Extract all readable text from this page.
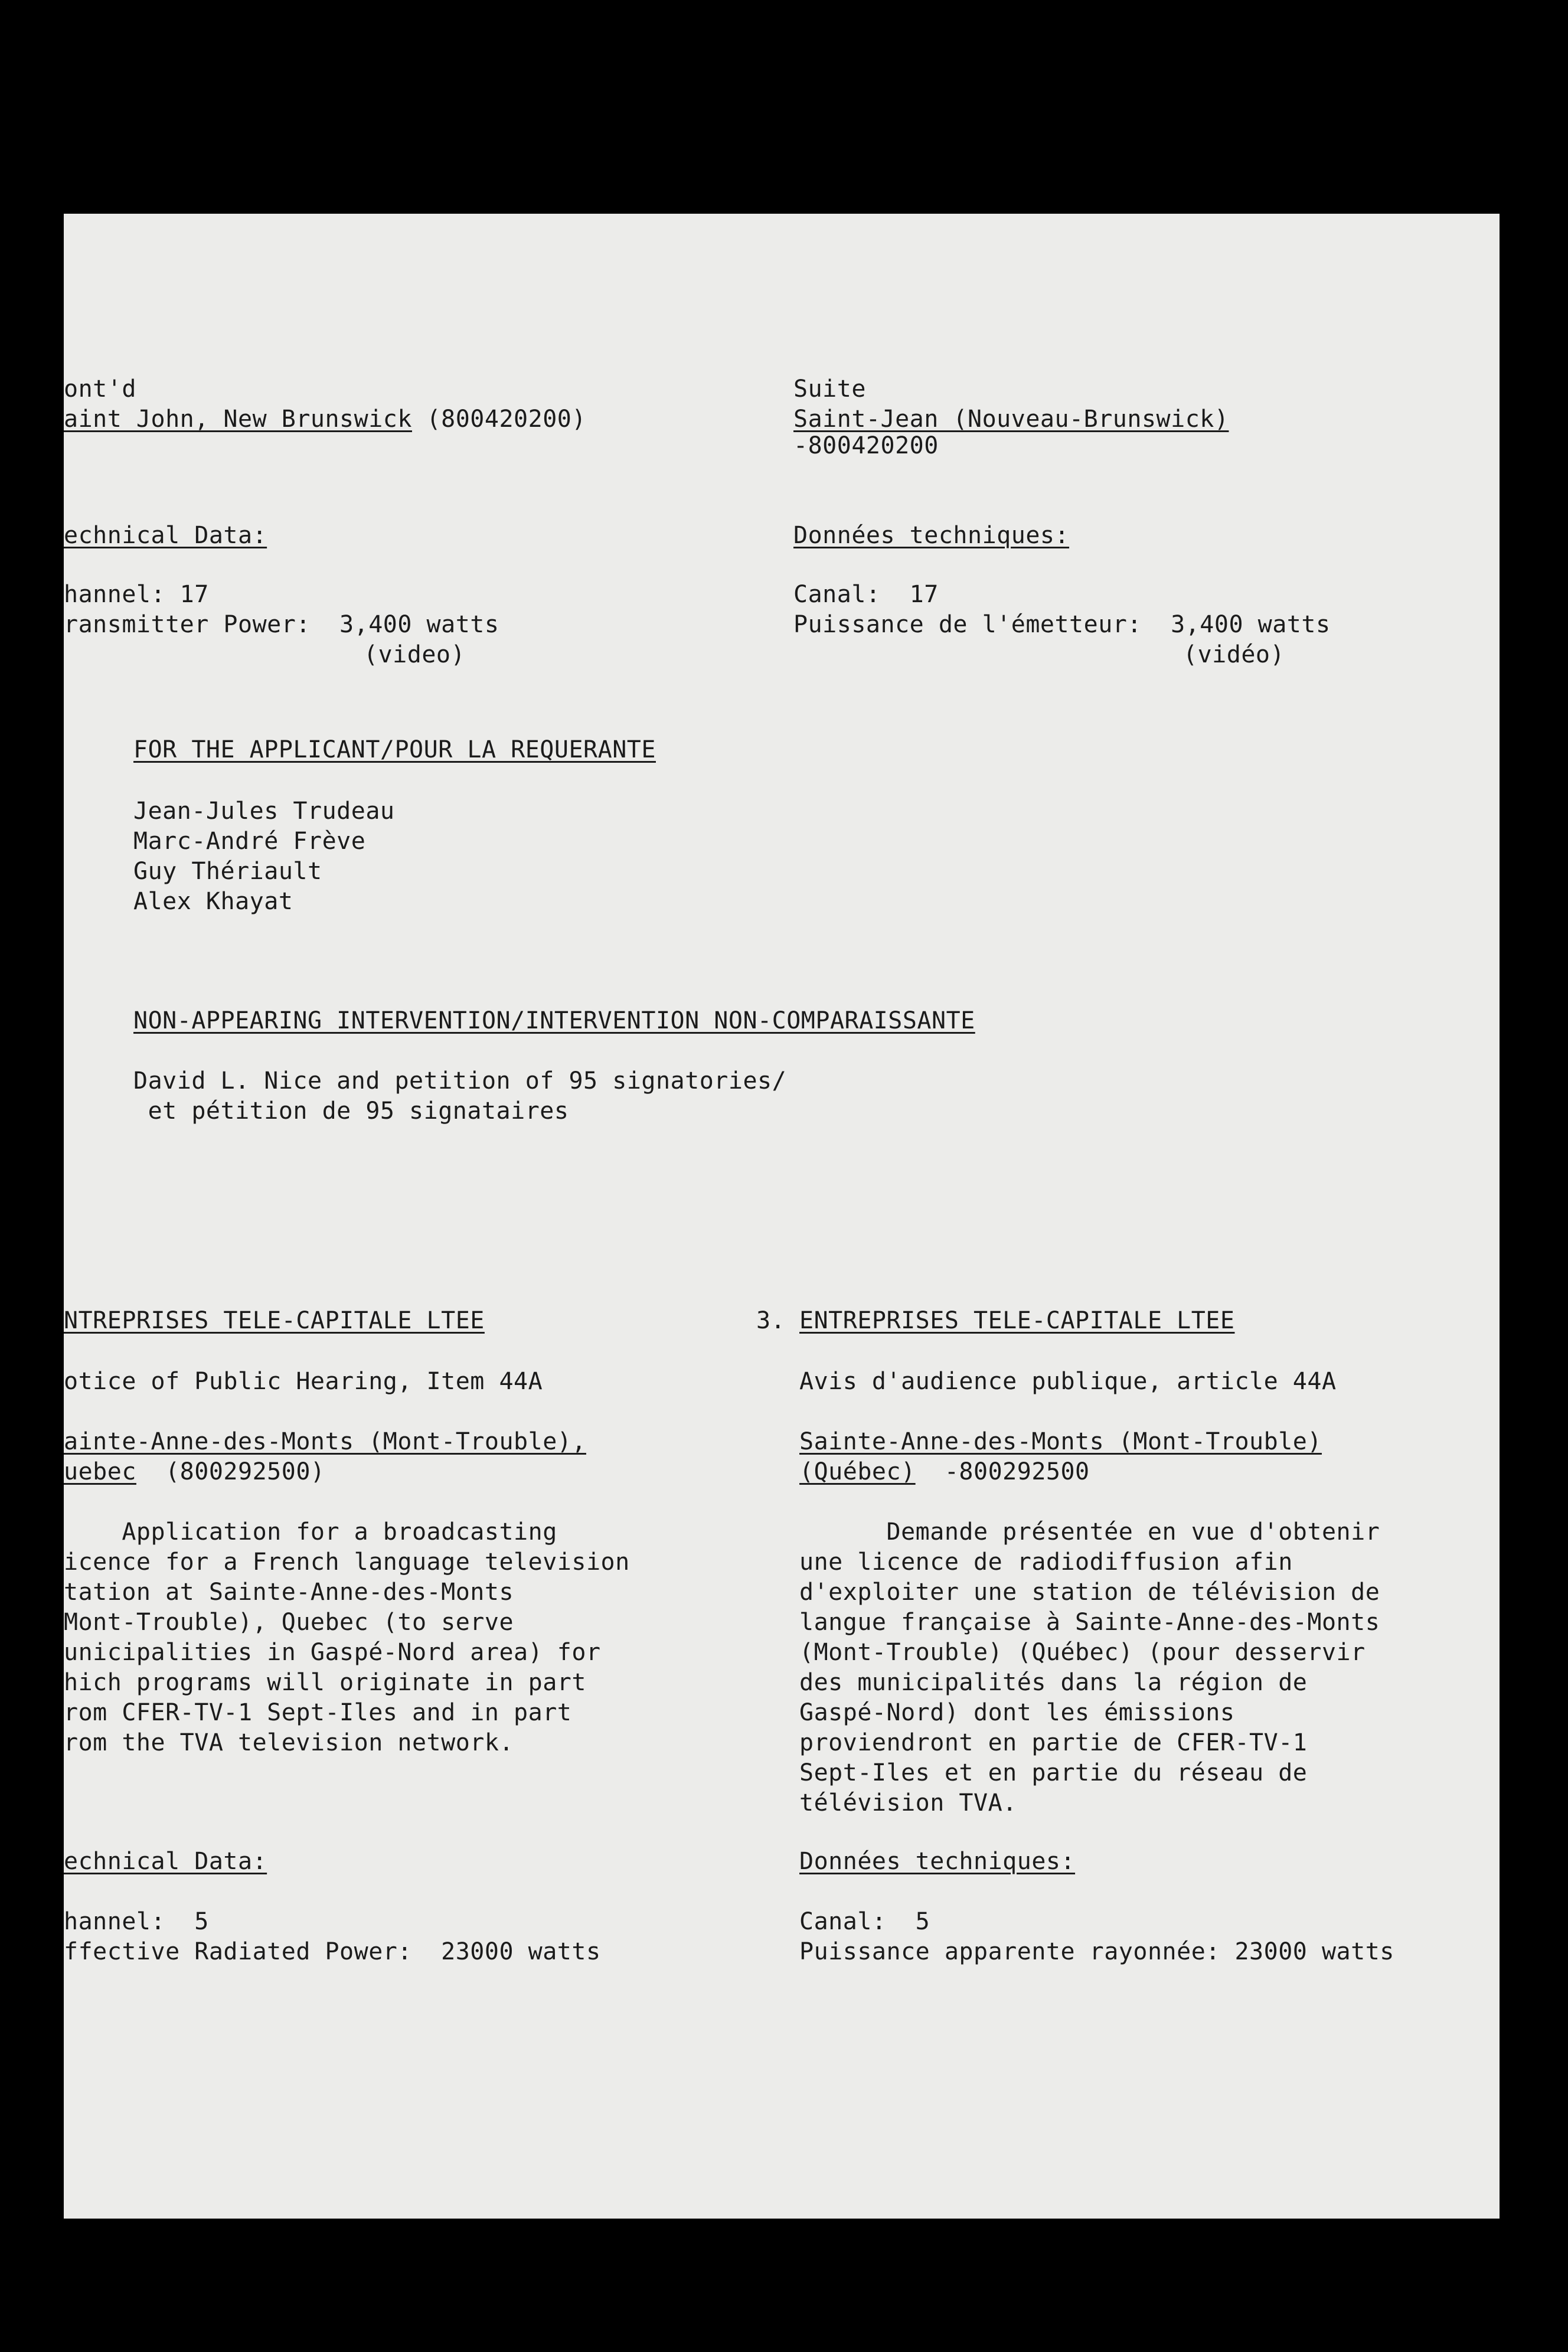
ont'd
aint John, New Brunswick (800420200)
echnical Data:
hannel: 17
ransmitter Power:  3,400 watts
(video)
Suite
Saint-Jean (Nouveau-Brunswick)
-800420200
Données techniques:
Canal:  17
Puissance de l'émetteur:  3,400 watts
(vidéo)
FOR THE APPLICANT/POUR LA REQUERANTE
Jean-Jules Trudeau
Marc-André Frève
Guy Thériault
Alex Khayat
NON-APPEARING INTERVENTION/INTERVENTION NON-COMPARAISSANTE
David L. Nice and petition of 95 signatories/
et pétition de 95 signataires
NTREPRISES TELE-CAPITALE LTEE
otice of Public Hearing, Item 44A
ainte-Anne-des-Monts (Mont-Trouble),
uebec  (800292500)
Application for a broadcasting
icence for a French language television
tation at Sainte-Anne-des-Monts
Mont-Trouble), Quebec (to serve
unicipalities in Gaspé-Nord area) for
hich programs will originate in part
rom CFER-TV-1 Sept-Iles and in part
rom the TVA television network.
echnical Data:
hannel:  5
ffective Radiated Power:  23000 watts
3. ENTREPRISES TELE-CAPITALE LTEE
Avis d'audience publique, article 44A
Sainte-Anne-des-Monts (Mont-Trouble)
(Québec)  -800292500
Demande présentée en vue d'obtenir
une licence de radiodiffusion afin
d'exploiter une station de télévision de
langue française à Sainte-Anne-des-Monts
(Mont-Trouble) (Québec) (pour desservir
des municipalités dans la région de
Gaspé-Nord) dont les émissions
proviendront en partie de CFER-TV-1
Sept-Iles et en partie du réseau de
télévision TVA.
Données techniques:
Canal:  5
Puissance apparente rayonnée: 23000 watts
